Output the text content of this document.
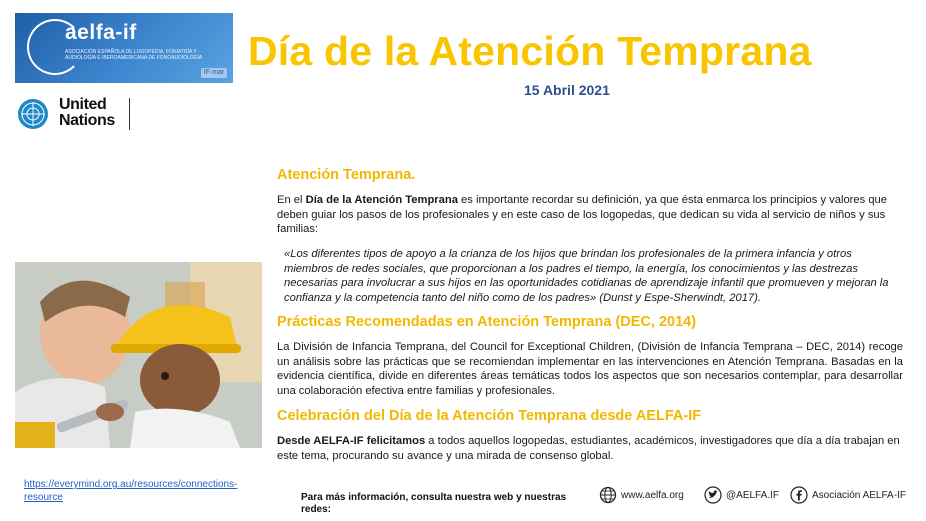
aelfa-if
ASOCIACIÓN ESPAÑOLA DE LOGOPEDIA, FONIATRÍA Y AUDIOLOGÍA E IBEROAMERICANA DE FONOAUDIOLOGÍA
IF·mar
United
Nations
Día de la Atención Temprana
15 Abril 2021
https://everymind.org.au/resources/connections-resource
Atención Temprana.
En el Día de la Atención Temprana es importante recordar su definición, ya que ésta enmarca los principios y valores que deben guiar los pasos de los profesionales y en este caso de los logopedas, que dedican su vida al servicio de niños y sus familias:
«Los diferentes tipos de apoyo a la crianza de los hijos que brindan los profesionales de la primera infancia y otros miembros de redes sociales, que proporcionan a los padres el tiempo, la energía, los conocimientos y las destrezas necesarias para involucrar a sus hijos en las oportunidades cotidianas de aprendizaje infantil que promueven y mejoran la confianza y la competencia tanto del niño como de los padres» (Dunst y Espe-Sherwindt, 2017).
Prácticas Recomendadas en Atención Temprana (DEC, 2014)
La División de Infancia Temprana, del Council for Exceptional Children, (División de Infancia Temprana – DEC, 2014) recoge un análisis sobre las prácticas que se recomiendan implementar en las intervenciones en Atención Temprana. Basadas en la evidencia científica, divide en diferentes áreas temáticas todos los aspectos que son necesarios contemplar, para desarrollar una colaboración efectiva entre familias y profesionales.
Celebración del Día de la Atención Temprana desde AELFA-IF
Desde AELFA-IF felicitamos a todos aquellos logopedas, estudiantes, académicos, investigadores que día a día trabajan en este tema, procurando su avance y una mirada de consenso global.
Para más información, consulta nuestra web y nuestras redes:
www.aelfa.org	@AELFA.IF	Asociación AELFA-IF
